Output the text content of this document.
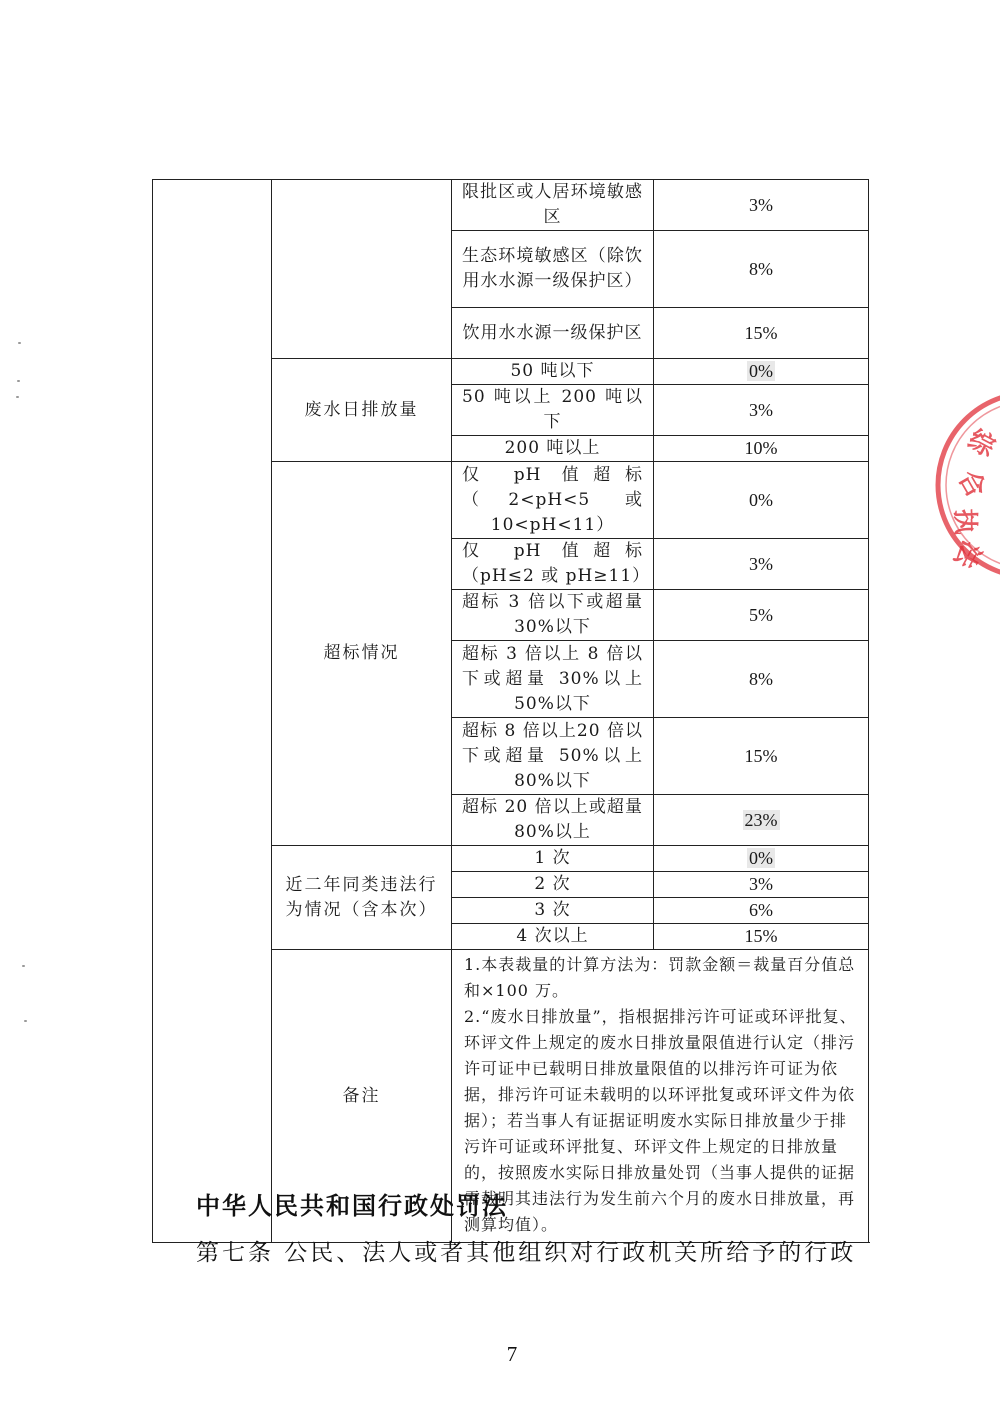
		限批区或人居环境敏感区	3%
		生态环境敏感区（除饮用水水源一级保护区）	8%
		饮用水水源一级保护区	15%
	废水日排放量	50 吨以下	0%
		50 吨以上 200 吨以下	3%
		200 吨以上	10%
	超标情况	仅 pH 值超标（2<pH<5 或10<pH<11）	0%
		仅 pH 值超标（pH≤2 或 pH≥11）	3%
		超标 3 倍以下或超量 30%以下	5%
		超标 3 倍以上 8 倍以下或超量 30%以上 50%以下	8%
		超标 8 倍以上20 倍以下或超量 50%以上 80%以下	15%
		超标 20 倍以上或超量 80%以上	23%
	近二年同类违法行为情况（含本次）	1 次	0%
		2 次	3%
		3 次	6%
		4 次以上	15%
	备注	1.本表裁量的计算方法为：罚款金额＝裁量百分值总和×100 万。

2.“废水日排放量”，指根据排污许可证或环评批复、环评文件上规定的废水日排放量限值进行认定（排污许可证中已载明日排放量限值的以排污许可证为依据，排污许可证未载明的以环评批复或环评文件为依据）；若当事人有证据证明废水实际日排放量少于排污许可证或环评批复、环评文件上规定的日排放量的，按照废水实际日排放量处罚（当事人提供的证据需载明其违法行为发生前六个月的废水日排放量，再测算均值）。	

中华人民共和国行政处罚法

第七条 公民、法人或者其他组织对行政机关所给予的行政

7
综
合
执
法
